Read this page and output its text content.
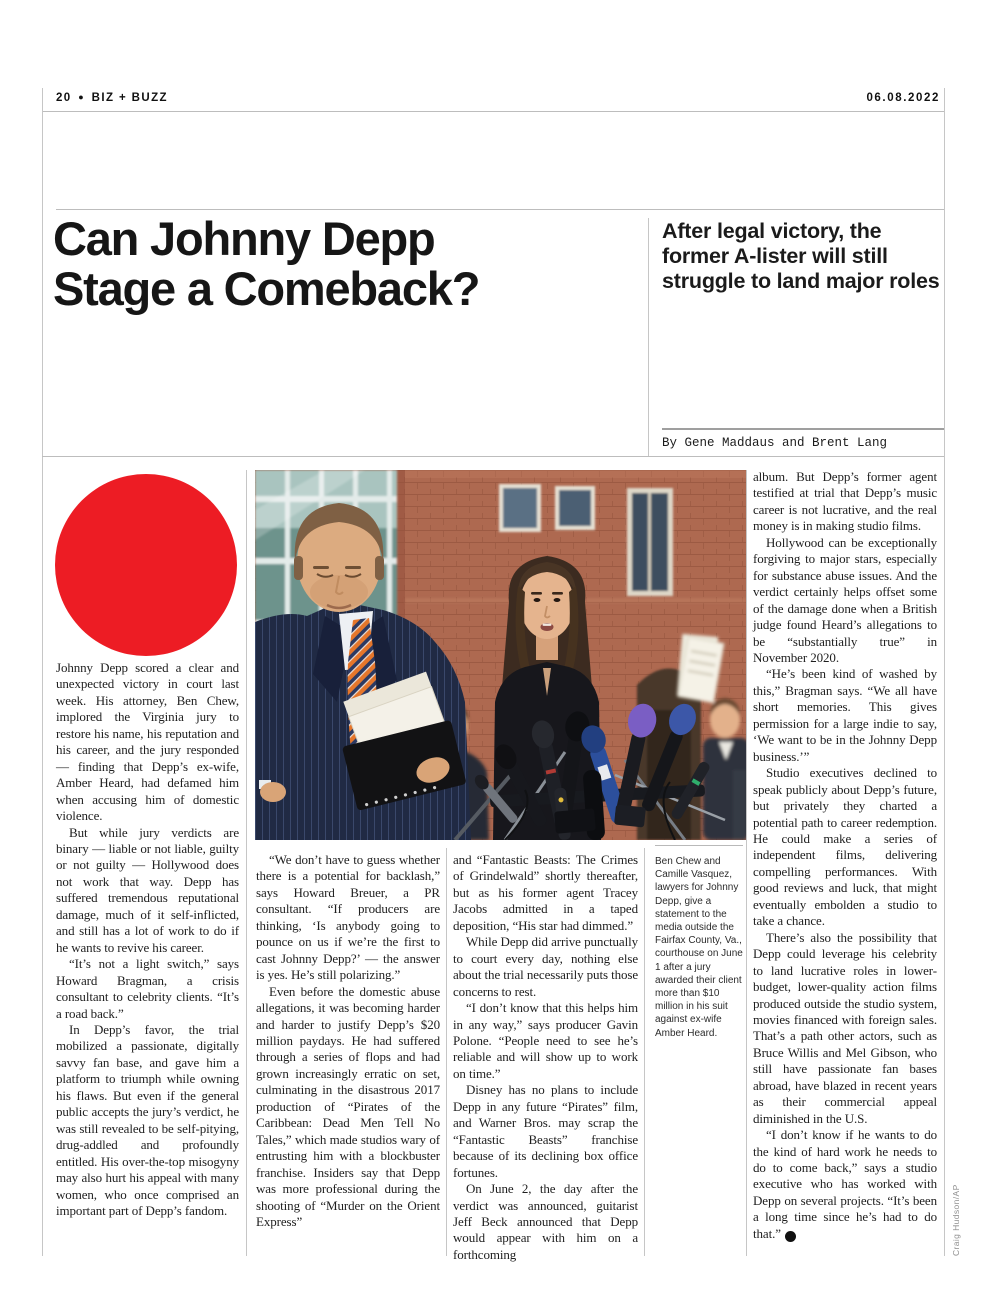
20 ● BIZ + BUZZ	06.08.2022
Can Johnny Depp
Stage a Comeback?
After legal victory, the former A-lister will still struggle to land major roles
By Gene Maddaus and Brent Lang

Johnny Depp scored a clear and unexpected victory in court last week. His attorney, Ben Chew, implored the Virginia jury to restore his name, his reputation and his career, and the jury responded — finding that Depp’s ex-wife, Amber Heard, had defamed him when accusing him of domestic violence.

But while jury verdicts are binary — liable or not liable, guilty or not guilty — Hollywood does not work that way. Depp has suffered tremendous reputational damage, much of it self-inflicted, and still has a lot of work to do if he wants to revive his career.

“It’s not a light switch,” says Howard Bragman, a crisis consultant to celebrity clients. “It’s a road back.”

In Depp’s favor, the trial mobilized a passionate, digitally savvy fan base, and gave him a platform to triumph while owning his flaws. But even if the general public accepts the jury’s verdict, he was still revealed to be self-pitying, drug-addled and profoundly entitled. His over-the-top misogyny may also hurt his appeal with many women, who once comprised an important part of Depp’s fandom.

“We don’t have to guess whether there is a potential for backlash,” says Howard Breuer, a PR consultant. “If producers are thinking, ‘Is anybody going to pounce on us if we’re the first to cast Johnny Depp?’ — the answer is yes. He’s still polarizing.”

Even before the domestic abuse allegations, it was becoming harder and harder to justify Depp’s $20 million paydays. He had suffered through a series of flops and had grown increasingly erratic on set, culminating in the disastrous 2017 production of “Pirates of the Caribbean: Dead Men Tell No Tales,” which made studios wary of entrusting him with a blockbuster franchise. Insiders say that Depp was more professional during the shooting of “Murder on the Orient Express”

and “Fantastic Beasts: The Crimes of Grindelwald” shortly thereafter, but as his former agent Tracey Jacobs admitted in a taped deposition, “His star had dimmed.”

While Depp did arrive punctually to court every day, nothing else about the trial necessarily puts those concerns to rest.

“I don’t know that this helps him in any way,” says producer Gavin Polone. “People need to see he’s reliable and will show up to work on time.”

Disney has no plans to include Depp in any future “Pirates” film, and Warner Bros. may scrap the “Fantastic Beasts” franchise because of its declining box office fortunes.

On June 2, the day after the verdict was announced, guitarist Jeff Beck announced that Depp would appear with him on a forthcoming

album. But Depp’s former agent testified at trial that Depp’s music career is not lucrative, and the real money is in making studio films.

Hollywood can be exceptionally forgiving to major stars, especially for substance abuse issues. And the verdict certainly helps offset some of the damage done when a British judge found Heard’s allegations to be “substantially true” in November 2020.

“He’s been kind of washed by this,” Bragman says. “We all have short memories. This gives permission for a large indie to say, ‘We want to be in the Johnny Depp business.’”

Studio executives declined to speak publicly about Depp’s future, but privately they charted a potential path to career redemption. He could make a series of independent films, delivering compelling performances. With good reviews and luck, that might eventually embolden a studio to take a chance.

There’s also the possibility that Depp could leverage his celebrity to land lucrative roles in lower-budget, lower-quality action films produced outside the studio system, movies financed with foreign sales. That’s a path other actors, such as Bruce Willis and Mel Gibson, who still have passionate fan bases abroad, have blazed in recent years as their commercial appeal diminished in the U.S.

“I don’t know if he wants to do the kind of hard work he needs to do to come back,” says a studio executive who has worked with Depp on several projects. “It’s been a long time since he’s had to do that.” V

Ben Chew and Camille Vasquez, lawyers for Johnny Depp, give a statement to the media outside the Fairfax County, Va., courthouse on June 1 after a jury awarded their client more than $10 million in his suit against ex-wife Amber Heard.
Craig Hudson/AP
